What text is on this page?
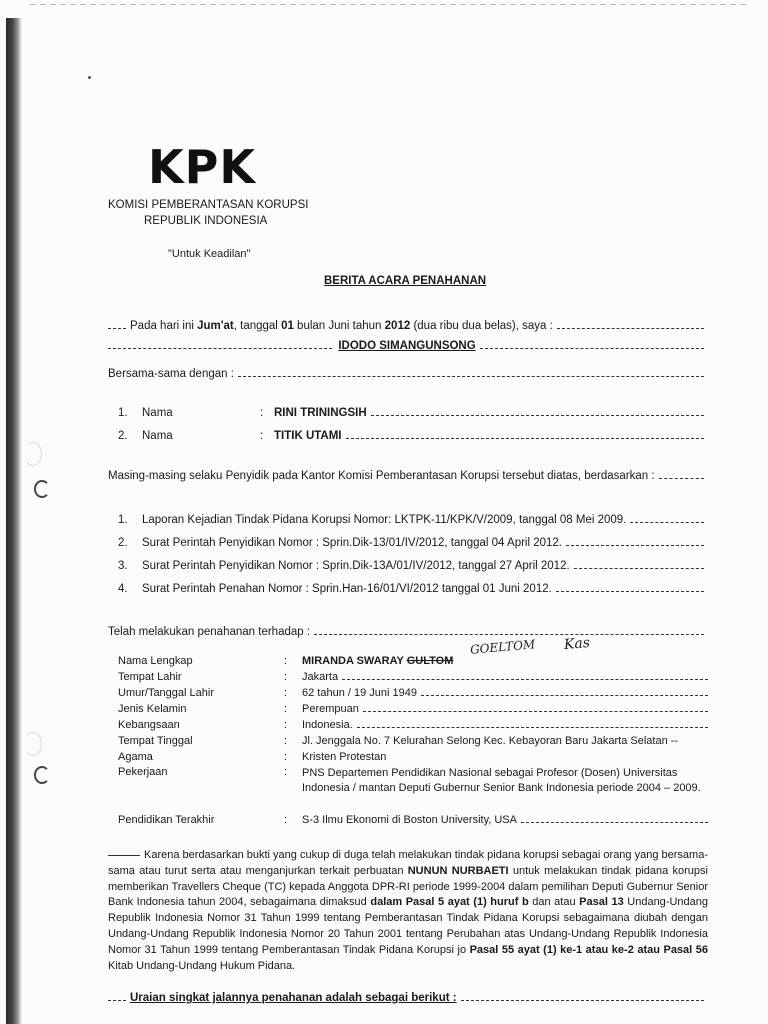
KPK
KOMISI PEMBERANTASAN KORUPSI
REPUBLIK INDONESIA
"Untuk Keadilan"
BERITA ACARA PENAHANAN
Pada hari ini Jum'at, tanggal 01 bulan Juni tahun 2012 (dua ribu dua belas), saya :
IDODO SIMANGUNSONG
Bersama-sama dengan :
1.	Nama	: RINI TRININGSIH
2.	Nama	: TITIK UTAMI
Masing-masing selaku Penyidik pada Kantor Komisi Pemberantasan Korupsi tersebut diatas, berdasarkan :
1.	Laporan Kejadian Tindak Pidana Korupsi Nomor: LKTPK-11/KPK/V/2009, tanggal 08 Mei 2009.
2.	Surat Perintah Penyidikan Nomor : Sprin.Dik-13/01/IV/2012, tanggal 04 April 2012.
3.	Surat Perintah Penyidikan Nomor : Sprin.Dik-13A/01/IV/2012, tanggal 27 April 2012.
4.	Surat Perintah Penahan Nomor : Sprin.Han-16/01/VI/2012 tanggal 01 Juni 2012.
Telah melakukan penahanan terhadap :
Nama Lengkap	:	MIRANDA SWARAY GULTOM
GOELTOM Kas
Tempat Lahir	:	Jakarta
Umur/Tanggal Lahir	:	62 tahun / 19 Juni 1949
Jenis Kelamin	:	Perempuan
Kebangsaan	:	Indonesia.
Tempat Tinggal	:	Jl. Jenggala No. 7 Kelurahan Selong Kec. Kebayoran Baru Jakarta Selatan --
Agama	:	Kristen Protestan
Pekerjaan	:	PNS Departemen Pendidikan Nasional sebagai Profesor (Dosen) Universitas Indonesia / mantan Deputi Gubernur Senior Bank Indonesia periode 2004 – 2009.
Pendidikan Terakhir	:	S-3 Ilmu Ekonomi di Boston University, USA
Karena berdasarkan bukti yang cukup di duga telah melakukan tindak pidana korupsi sebagai orang yang bersama-sama atau turut serta atau menganjurkan terkait perbuatan NUNUN NURBAETI untuk melakukan tindak pidana korupsi memberikan Travellers Cheque (TC) kepada Anggota DPR-RI periode 1999-2004 dalam pemilihan Deputi Gubernur Senior Bank Indonesia tahun 2004, sebagaimana dimaksud dalam Pasal 5 ayat (1) huruf b dan atau Pasal 13 Undang-Undang Republik Indonesia Nomor 31 Tahun 1999 tentang Pemberantasan Tindak Pidana Korupsi sebagaimana diubah dengan Undang-Undang Republik Indonesia Nomor 20 Tahun 2001 tentang Perubahan atas Undang-Undang Republik Indonesia Nomor 31 Tahun 1999 tentang Pemberantasan Tindak Pidana Korupsi jo Pasal 55 ayat (1) ke-1 atau ke-2 atau Pasal 56 Kitab Undang-Undang Hukum Pidana.
Uraian singkat jalannya penahanan adalah sebagai berikut :
